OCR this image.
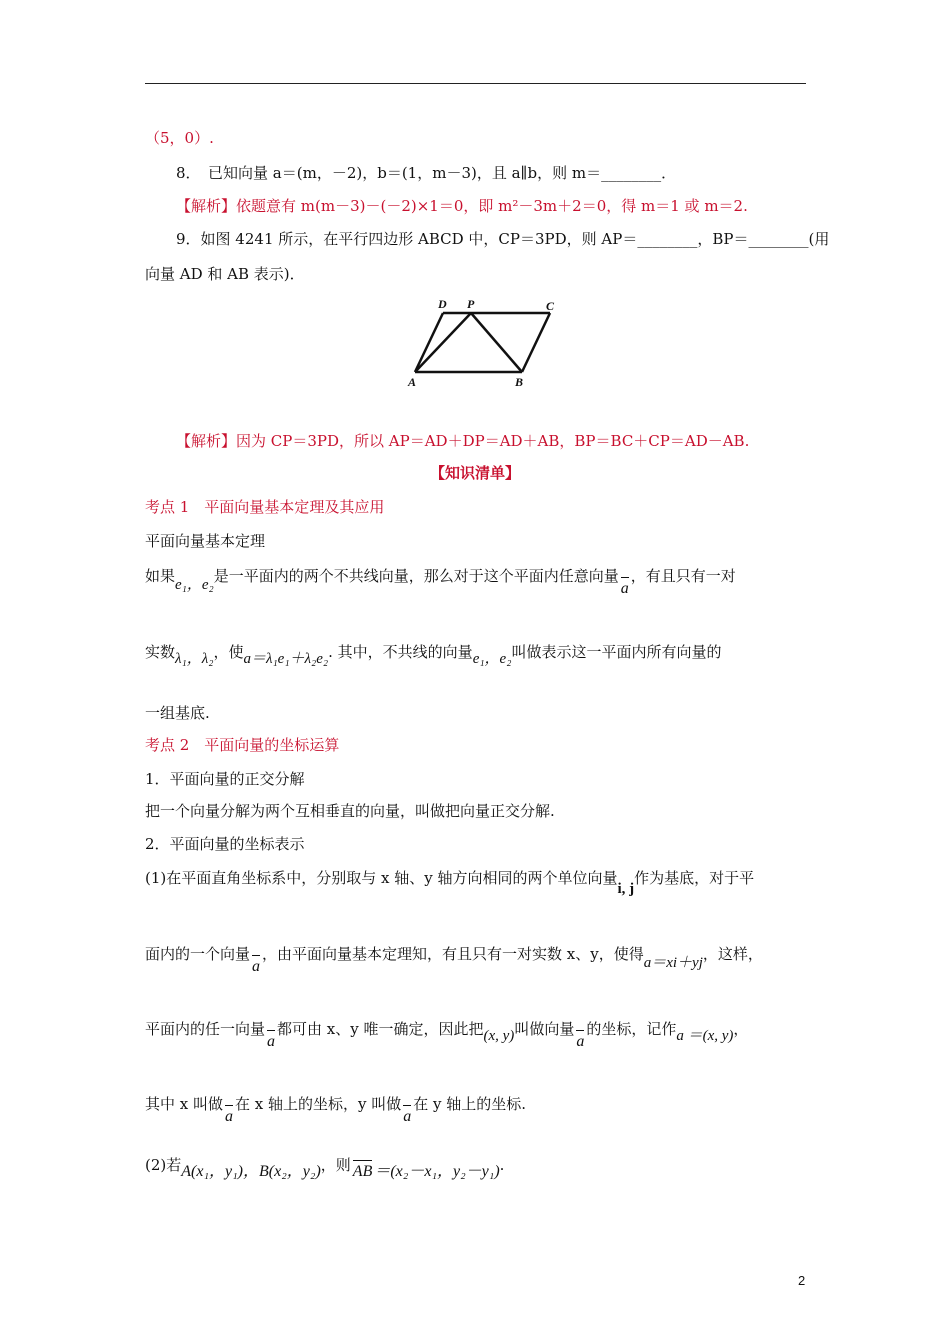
（5，0）.
8．　已知向量 a＝(m，－2)，b＝(1，m－3)，且 a∥b，则 m＝________．
【解析】依题意有 m(m－3)－(－2)×1＝0，即 m²－3m＋2＝0，得 m＝1 或 m＝2.
9．如图 4241 所示，在平行四边形 ABCD 中，CP＝3PD，则 AP＝________，BP＝________(用
向量 AD 和 AB 表示)．
D P	C
A	B
【解析】因为 CP＝3PD，所以 AP＝AD＋DP＝AD＋AB，BP＝BC＋CP＝AD－AB.
【知识清单】
考点 1　平面向量基本定理及其应用
平面向量基本定理
如果e₁，e₂是一平面内的两个不共线向量，那么对于这个平面内任意向量a，有且只有一对
实数λ₁，λ₂，使a＝λ₁e₁＋λ₂e₂. 其中，不共线的向量e₁，e₂叫做表示这一平面内所有向量的
一组基底.
考点 2　平面向量的坐标运算
1．平面向量的正交分解
把一个向量分解为两个互相垂直的向量，叫做把向量正交分解.
2．平面向量的坐标表示
(1)在平面直角坐标系中，分别取与 x 轴、y 轴方向相同的两个单位向量i, j作为基底，对于平
面内的一个向量a，由平面向量基本定理知，有且只有一对实数 x、y，使得a＝xi＋yj，这样，
平面内的任一向量a都可由 x、y 唯一确定，因此把(x, y)叫做向量a的坐标，记作a ＝(x, y)，
其中 x 叫做a在 x 轴上的坐标，y 叫做a在 y 轴上的坐标.
(2)若A(x₁，y₁)，B(x₂，y₂)，则 AB ＝(x₂－x₁，y₂－y₁).
2
